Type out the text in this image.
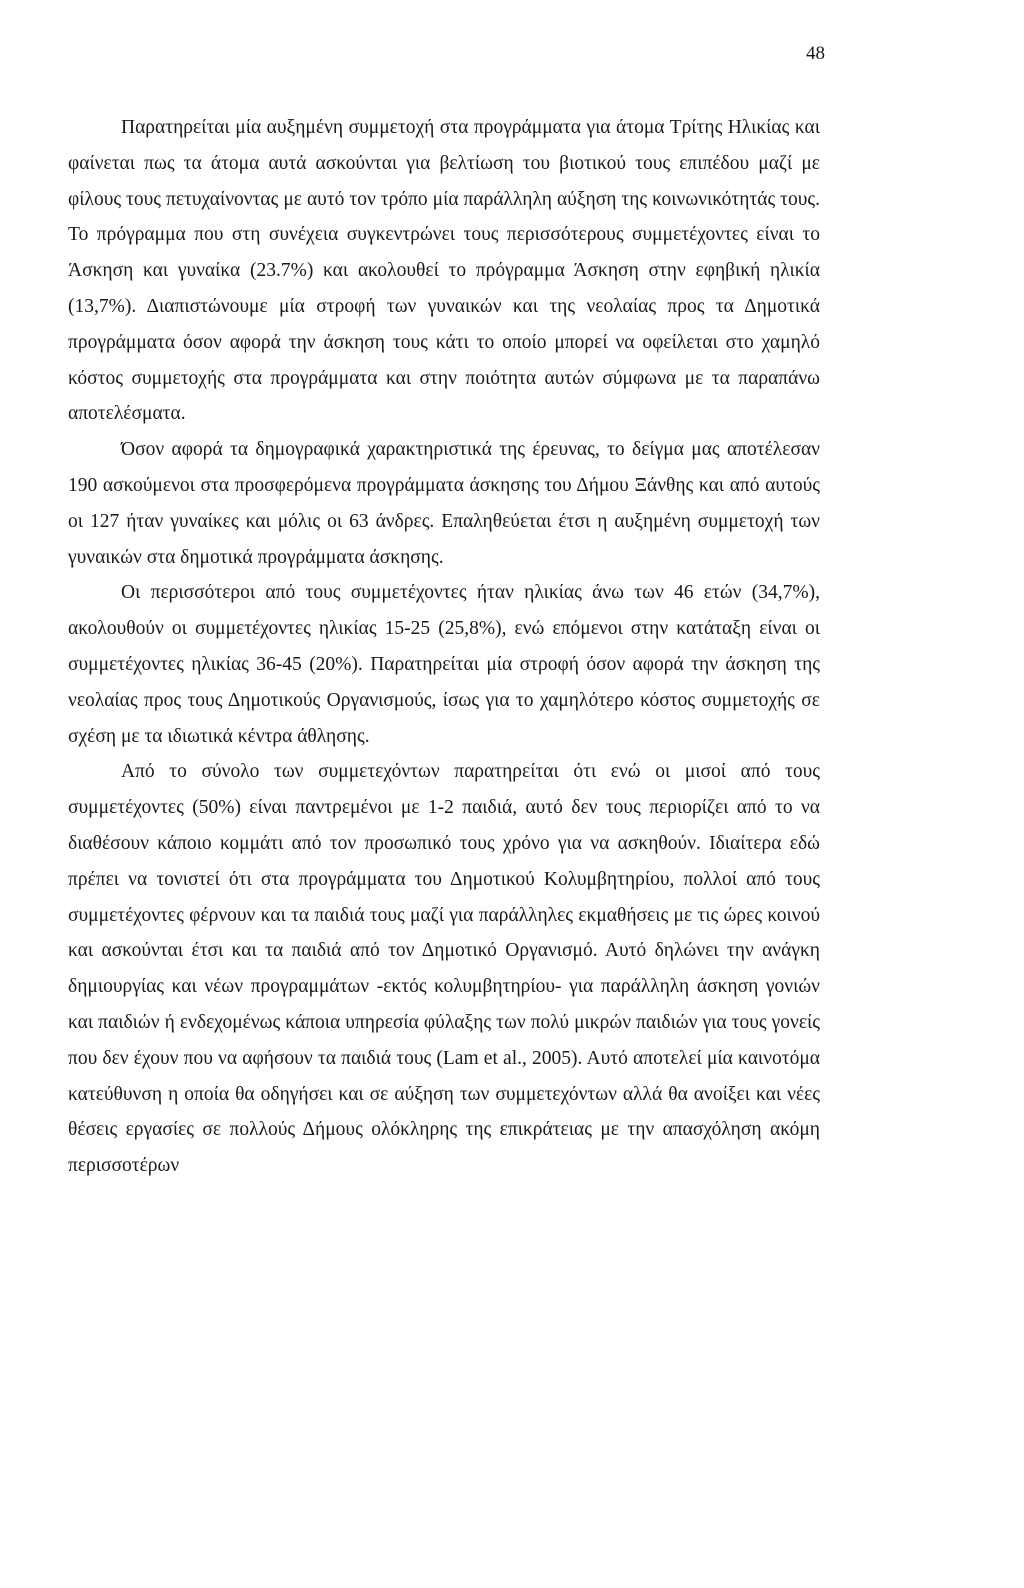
48

Παρατηρείται μία αυξημένη συμμετοχή στα προγράμματα για άτομα Τρίτης Ηλικίας και φαίνεται πως τα άτομα αυτά ασκούνται για βελτίωση του βιοτικού τους επιπέδου μαζί με φίλους τους πετυχαίνοντας με αυτό τον τρόπο μία παράλληλη αύξηση της κοινωνικότητάς τους. Το πρόγραμμα που στη συνέχεια συγκεντρώνει τους περισσότερους συμμετέχοντες είναι το Άσκηση και γυναίκα (23.7%) και ακολουθεί το πρόγραμμα Άσκηση στην εφηβική ηλικία (13,7%). Διαπιστώνουμε μία στροφή των γυναικών και της νεολαίας προς τα Δημοτικά προγράμματα όσον αφορά την άσκηση τους κάτι το οποίο μπορεί να οφείλεται στο χαμηλό κόστος συμμετοχής στα προγράμματα και στην ποιότητα αυτών σύμφωνα με τα παραπάνω αποτελέσματα.

Όσον αφορά τα δημογραφικά χαρακτηριστικά της έρευνας, το δείγμα μας αποτέλεσαν 190 ασκούμενοι στα προσφερόμενα προγράμματα άσκησης του Δήμου Ξάνθης και από αυτούς οι 127 ήταν γυναίκες και μόλις οι 63 άνδρες. Επαληθεύεται έτσι η αυξημένη συμμετοχή των γυναικών στα δημοτικά προγράμματα άσκησης.

Οι περισσότεροι από τους συμμετέχοντες ήταν ηλικίας άνω των 46 ετών (34,7%), ακολουθούν οι συμμετέχοντες ηλικίας 15-25 (25,8%), ενώ επόμενοι στην κατάταξη είναι οι συμμετέχοντες ηλικίας 36-45 (20%). Παρατηρείται μία στροφή όσον αφορά την άσκηση της νεολαίας προς τους Δημοτικούς Οργανισμούς, ίσως για το χαμηλότερο κόστος συμμετοχής σε σχέση με τα ιδιωτικά κέντρα άθλησης.

Από το σύνολο των συμμετεχόντων παρατηρείται ότι ενώ οι μισοί από τους συμμετέχοντες (50%) είναι παντρεμένοι με 1-2 παιδιά, αυτό δεν τους περιορίζει από το να διαθέσουν κάποιο κομμάτι από τον προσωπικό τους χρόνο για να ασκηθούν. Ιδιαίτερα εδώ πρέπει να τονιστεί ότι στα προγράμματα του Δημοτικού Κολυμβητηρίου, πολλοί από τους συμμετέχοντες φέρνουν και τα παιδιά τους μαζί για παράλληλες εκμαθήσεις με τις ώρες κοινού και ασκούνται έτσι και τα παιδιά από τον Δημοτικό Οργανισμό. Αυτό δηλώνει την ανάγκη δημιουργίας και νέων προγραμμάτων -εκτός κολυμβητηρίου- για παράλληλη άσκηση γονιών και παιδιών ή ενδεχομένως κάποια υπηρεσία φύλαξης των πολύ μικρών παιδιών για τους γονείς που δεν έχουν που να αφήσουν τα παιδιά τους (Lam et al., 2005). Αυτό αποτελεί μία καινοτόμα κατεύθυνση η οποία θα οδηγήσει και σε αύξηση των συμμετεχόντων αλλά θα ανοίξει και νέες θέσεις εργασίες σε πολλούς Δήμους ολόκληρης της επικράτειας με την απασχόληση ακόμη περισσοτέρων
